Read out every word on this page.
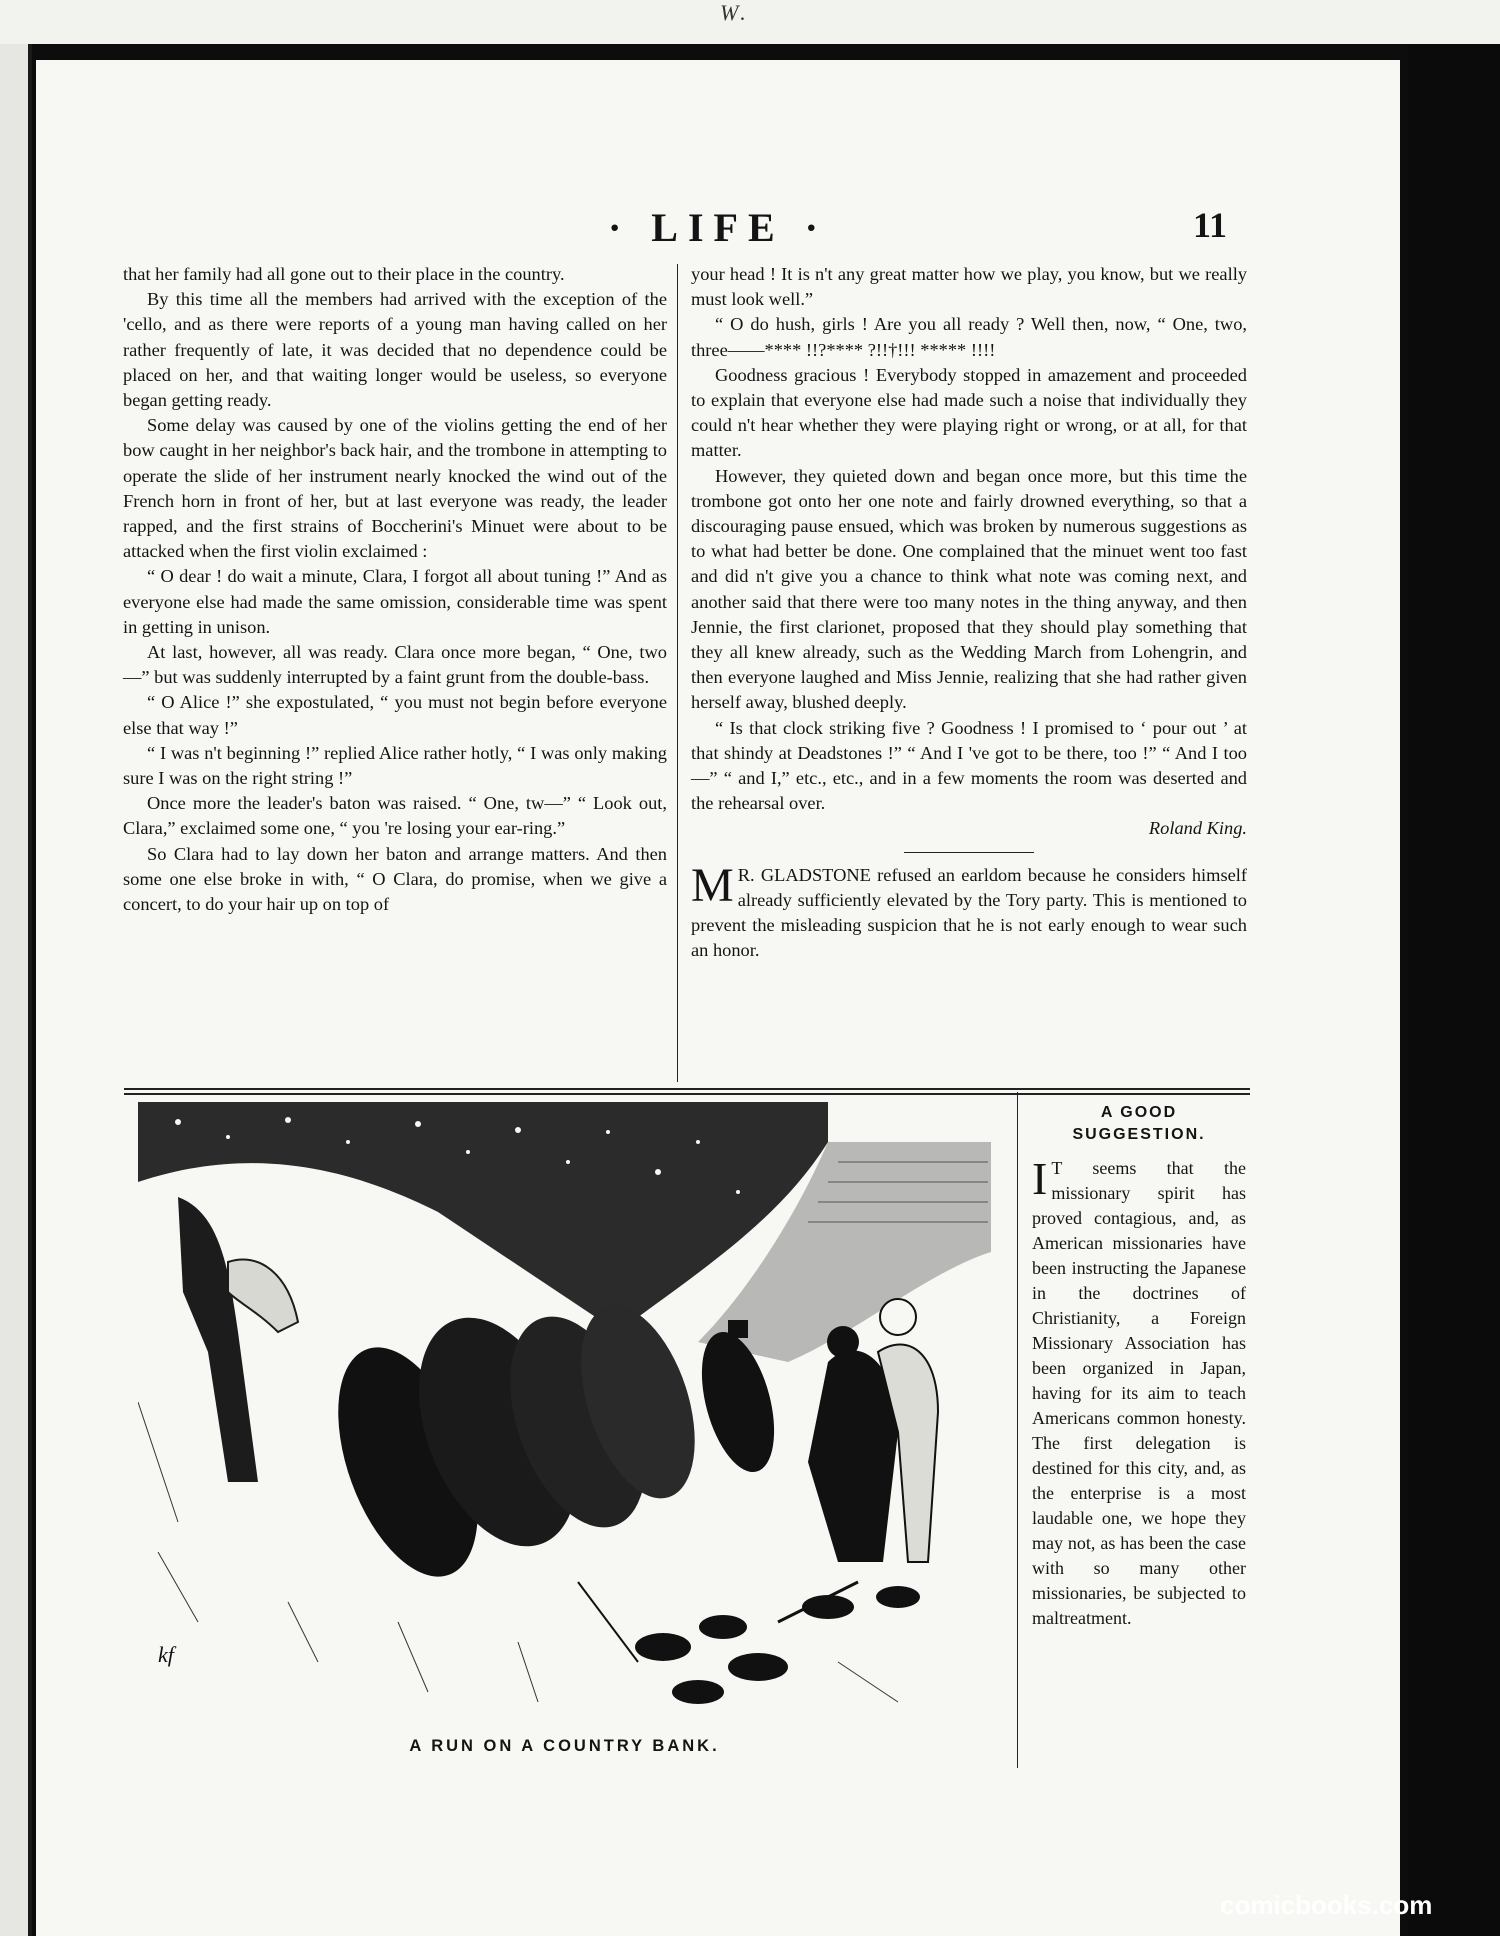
W.
· LIFE ·	11

that her family had all gone out to their place in the country.

By this time all the members had arrived with the exception of the 'cello, and as there were reports of a young man having called on her rather frequently of late, it was decided that no dependence could be placed on her, and that waiting longer would be useless, so everyone began getting ready.

Some delay was caused by one of the violins getting the end of her bow caught in her neighbor's back hair, and the trombone in attempting to operate the slide of her instrument nearly knocked the wind out of the French horn in front of her, but at last everyone was ready, the leader rapped, and the first strains of Boccherini's Minuet were about to be attacked when the first violin exclaimed :

“ O dear ! do wait a minute, Clara, I forgot all about tuning !” And as everyone else had made the same omission, considerable time was spent in getting in unison.

At last, however, all was ready. Clara once more began, “ One, two—” but was suddenly interrupted by a faint grunt from the double-bass.

“ O Alice !” she expostulated, “ you must not begin before everyone else that way !”

“ I was n't beginning !” replied Alice rather hotly, “ I was only making sure I was on the right string !”

Once more the leader's baton was raised. “ One, tw—” “ Look out, Clara,” exclaimed some one, “ you 're losing your ear-ring.”

So Clara had to lay down her baton and arrange matters. And then some one else broke in with, “ O Clara, do promise, when we give a concert, to do your hair up on top of

your head ! It is n't any great matter how we play, you know, but we really must look well.”

“ O do hush, girls ! Are you all ready ? Well then, now, “ One, two, three——**** !!?**** ?!!†!!! ***** !!!!

Goodness gracious ! Everybody stopped in amazement and proceeded to explain that everyone else had made such a noise that individually they could n't hear whether they were playing right or wrong, or at all, for that matter.

However, they quieted down and began once more, but this time the trombone got onto her one note and fairly drowned everything, so that a discouraging pause ensued, which was broken by numerous suggestions as to what had better be done. One complained that the minuet went too fast and did n't give you a chance to think what note was coming next, and another said that there were too many notes in the thing anyway, and then Jennie, the first clarionet, proposed that they should play something that they all knew already, such as the Wedding March from Lohengrin, and then everyone laughed and Miss Jennie, realizing that she had rather given herself away, blushed deeply.

“ Is that clock striking five ? Goodness ! I promised to ‘ pour out ’ at that shindy at Deadstones !” “ And I 've got to be there, too !” “ And I too—” “ and I,” etc., etc., and in a few moments the room was deserted and the rehearsal over.

Roland King.

M R. GLADSTONE refused an earldom because he considers himself already sufficiently elevated by the Tory party. This is mentioned to prevent the misleading suspicion that he is not early enough to wear such an honor.

kf
A RUN ON A COUNTRY BANK.
A GOOD SUGGESTION.

I T seems that the missionary spirit has proved contagious, and, as American missionaries have been instructing the Japanese in the doctrines of Christianity, a Foreign Missionary Association has been organized in Japan, having for its aim to teach Americans common honesty. The first delegation is destined for this city, and, as the enterprise is a most laudable one, we hope they may not, as has been the case with so many other missionaries, be subjected to maltreatment.

comicbooks.com
